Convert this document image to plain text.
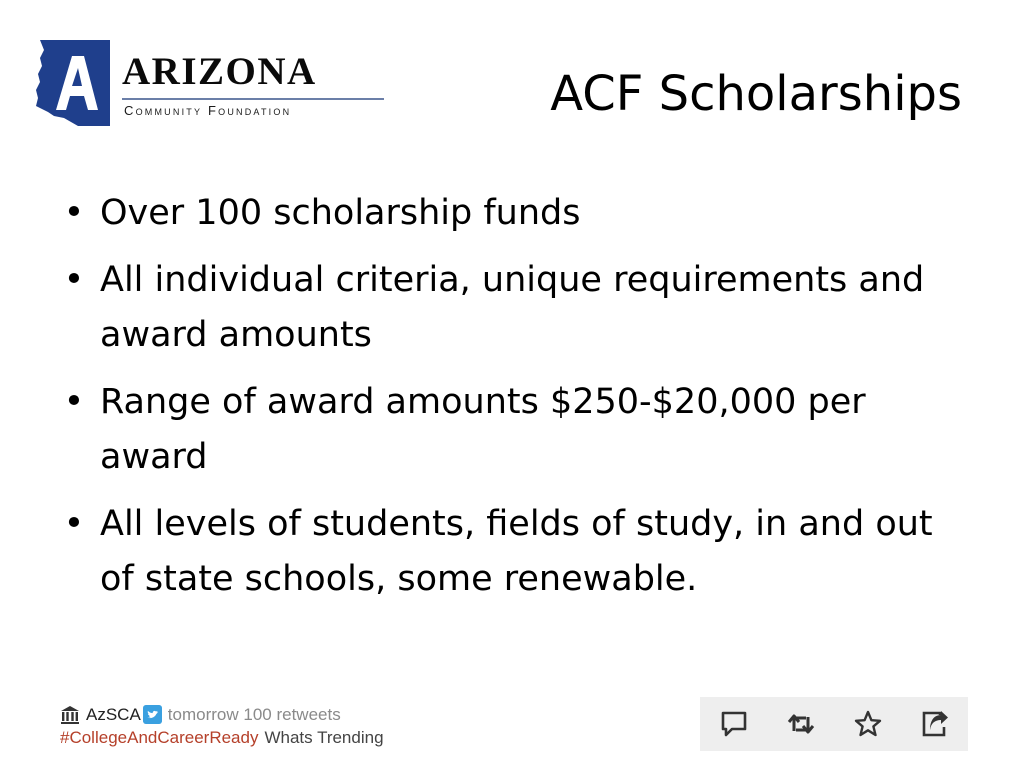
ARIZONA
Community Foundation	ACF Scholarships
• Over 100 scholarship funds
• All individual criteria, unique requirements and award amounts
• Range of award amounts $250-$20,000 per award
• All levels of students, fields of study, in and out of state schools, some renewable.
AzSCA tomorrow 100 retweets
#CollegeAndCareerReady Whats Trending
